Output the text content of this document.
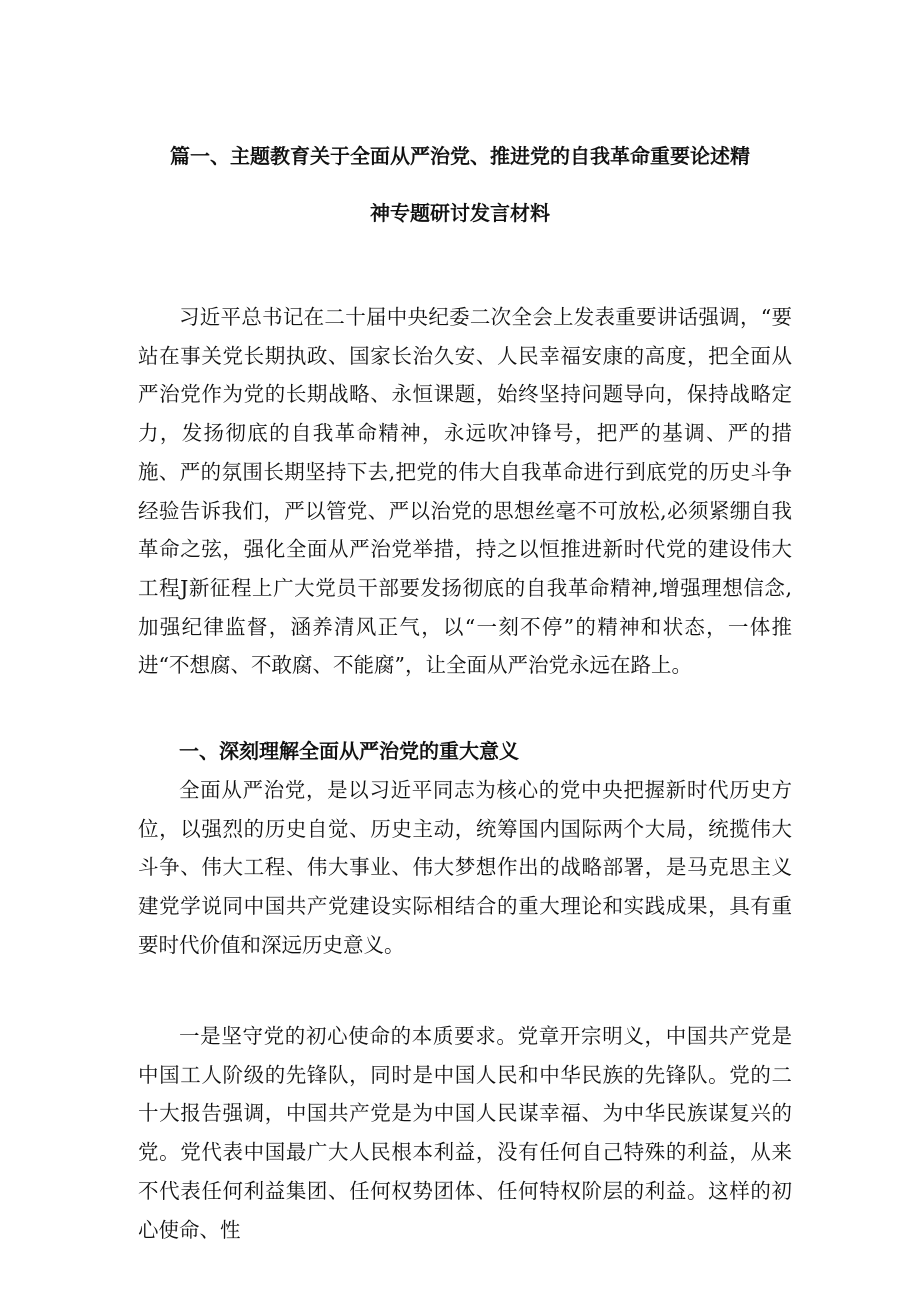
篇一、主题教育关于全面从严治党、推进党的自我革命重要论述精
神专题研讨发言材料

习近平总书记在二十届中央纪委二次全会上发表重要讲话强调，“要站在事关党长期执政、国家长治久安、人民幸福安康的高度，把全面从严治党作为党的长期战略、永恒课题，始终坚持问题导向，保持战略定力，发扬彻底的自我革命精神，永远吹冲锋号，把严的基调、严的措施、严的氛围长期坚持下去,把党的伟大自我革命进行到底党的历史斗争经验告诉我们，严以管党、严以治党的思想丝毫不可放松,必须紧绷自我革命之弦，强化全面从严治党举措，持之以恒推进新时代党的建设伟大工程J新征程上广大党员干部要发扬彻底的自我革命精神,增强理想信念,加强纪律监督，涵养清风正气，以“一刻不停”的精神和状态，一体推进“不想腐、不敢腐、不能腐”，让全面从严治党永远在路上。

一、深刻理解全面从严治党的重大意义

全面从严治党，是以习近平同志为核心的党中央把握新时代历史方位，以强烈的历史自觉、历史主动，统筹国内国际两个大局，统揽伟大斗争、伟大工程、伟大事业、伟大梦想作出的战略部署，是马克思主义建党学说同中国共产党建设实际相结合的重大理论和实践成果，具有重要时代价值和深远历史意义。

一是坚守党的初心使命的本质要求。党章开宗明义，中国共产党是中国工人阶级的先锋队，同时是中国人民和中华民族的先锋队。党的二十大报告强调，中国共产党是为中国人民谋幸福、为中华民族谋复兴的党。党代表中国最广大人民根本利益，没有任何自己特殊的利益，从来不代表任何利益集团、任何权势团体、任何特权阶层的利益。这样的初心使命、性
